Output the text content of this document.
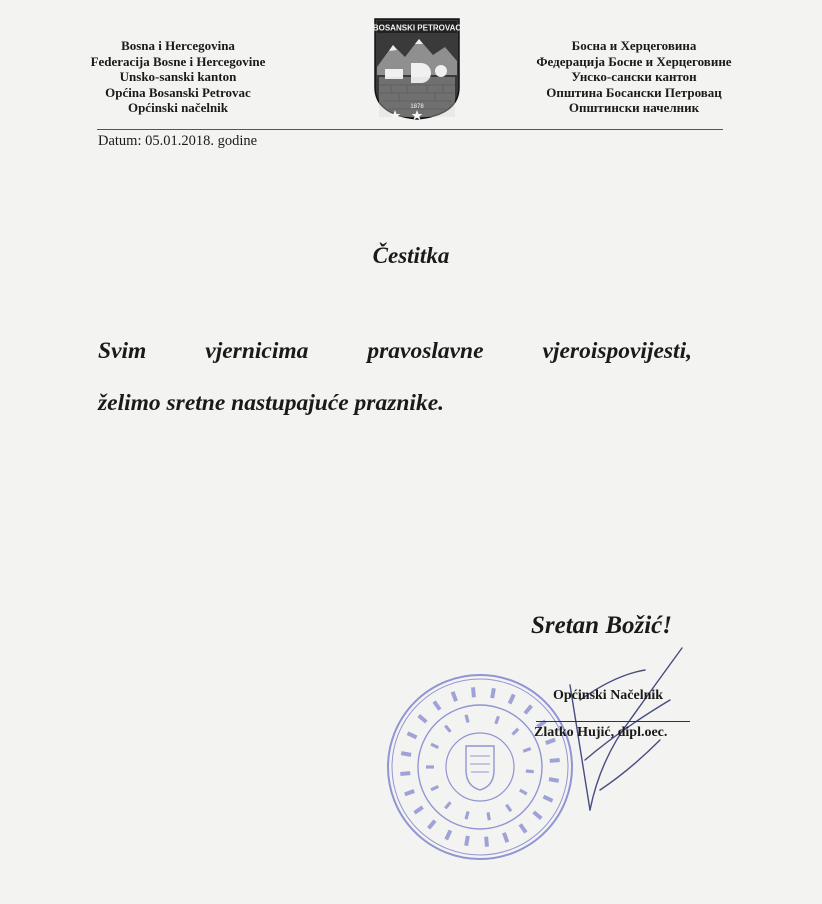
Bosna i Hercegovina
Federacija Bosne i Hercegovine
Unsko-sanski kanton
Općina Bosanski Petrovac
Općinski načelnik
BOSANSKI PETROVAC
1878
Босна и Херцеговина
Федерација Босне и Херцеговине
Унско-сански кантон
Општина Босански Петровац
Општински начелник
Datum: 05.01.2018. godine
Čestitka
Svim	vjernicima	pravoslavne	vjeroispovijesti,
želimo sretne nastupajuće praznike.
Sretan Božić!
Općinski Načelnik
Zlatko Hujić, dipl.oec.
